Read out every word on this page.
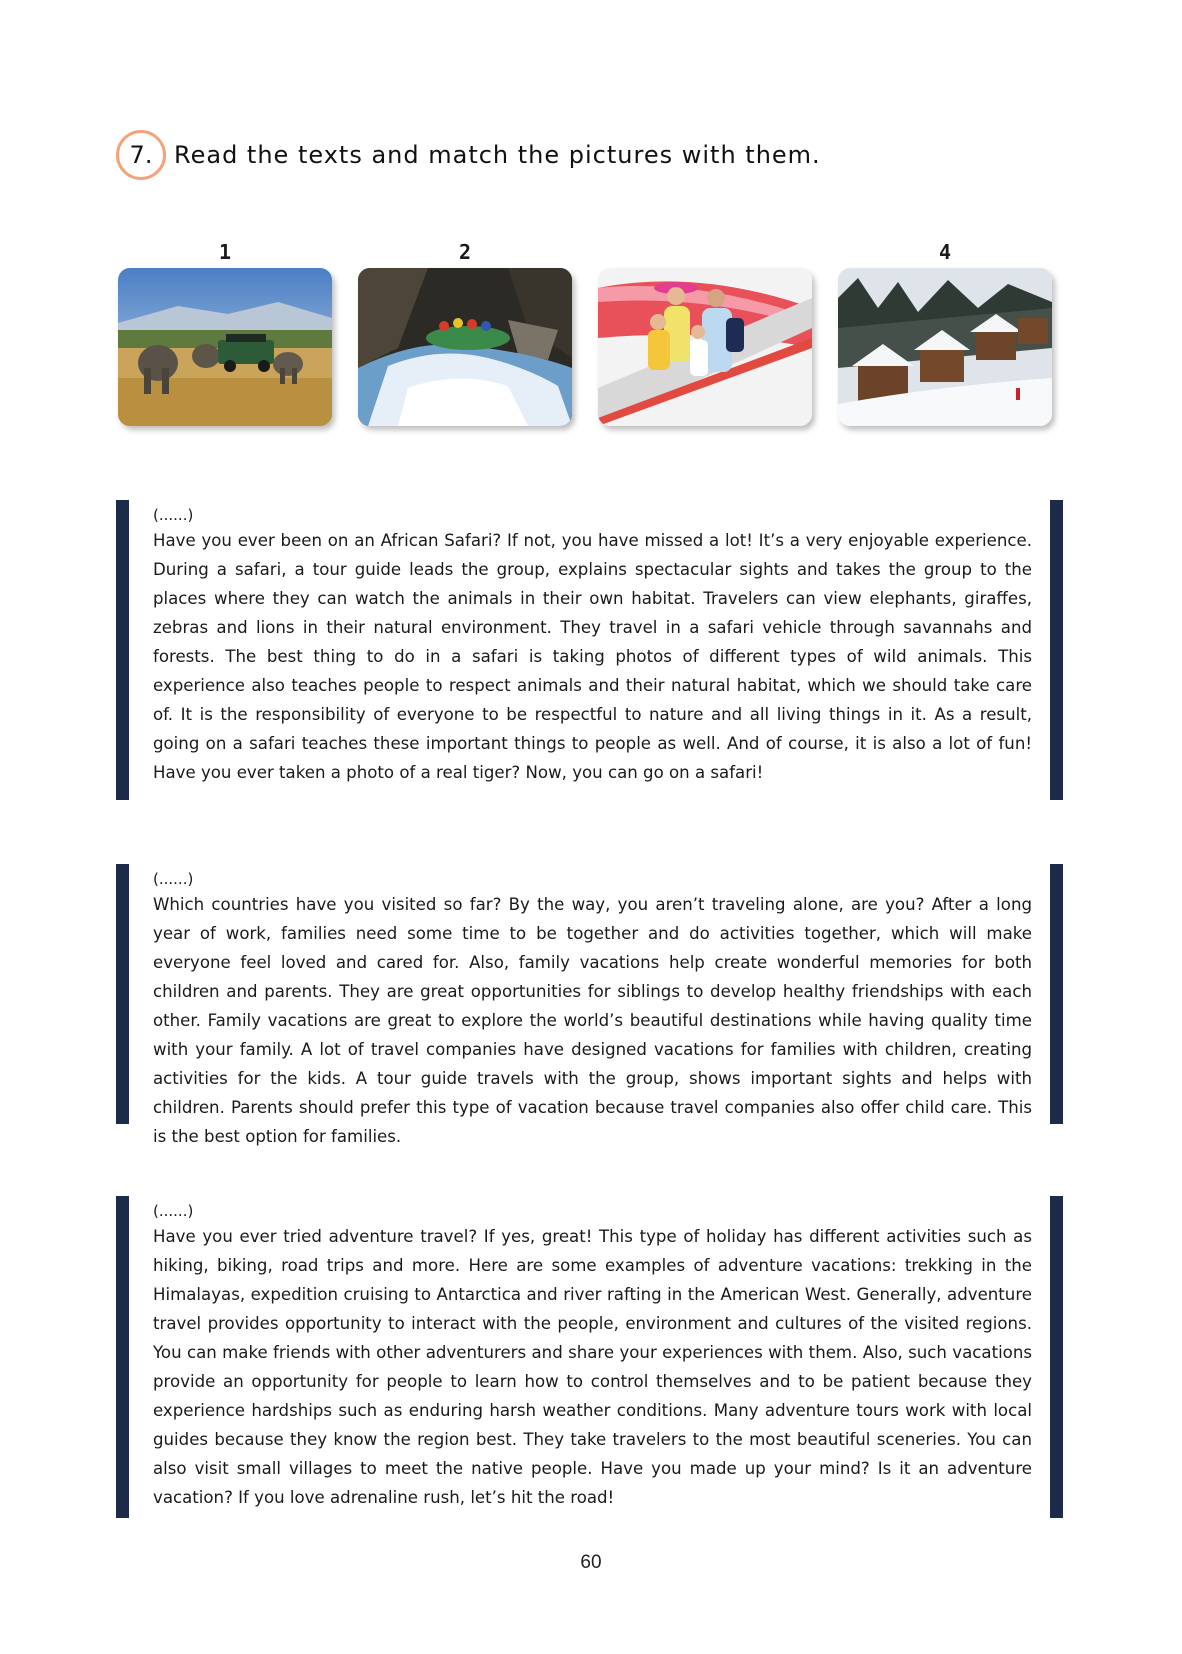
7. Read the texts and match the pictures with them.
1	2	4
(......)
Have you ever been on an African Safari? If not, you have missed a lot! It’s a very enjoyable experience. During a safari, a tour guide leads the group, explains spectacular sights and takes the group to the places where they can watch the animals in their own habitat. Travelers can view elephants, giraffes, zebras and lions in their natural environment. They travel in a safari vehicle through savannahs and forests. The best thing to do in a safari is taking photos of different types of wild animals. This experience also teaches people to respect animals and their natural habitat, which we should take care of. It is the responsibility of everyone to be respectful to nature and all living things in it. As a result, going on a safari teaches these important things to people as well. And of course, it is also a lot of fun! Have you ever taken a photo of a real tiger? Now, you can go on a safari!
(......)
Which countries have you visited so far? By the way, you aren’t traveling alone, are you? After a long year of work, families need some time to be together and do activities together, which will make everyone feel loved and cared for. Also, family vacations help create wonderful memories for both children and parents. They are great opportunities for siblings to develop healthy friendships with each other. Family vacations are great to explore the world’s beautiful destinations while having quality time with your family. A lot of travel companies have designed vacations for families with children, creating activities for the kids. A tour guide travels with the group, shows important sights and helps with children. Parents should prefer this type of vacation because travel companies also offer child care. This is the best option for families.
(......)
Have you ever tried adventure travel? If yes, great! This type of holiday has different activities such as hiking, biking, road trips and more. Here are some examples of adventure vacations: trekking in the Himalayas, expedition cruising to Antarctica and river rafting in the American West. Generally, adventure travel provides opportunity to interact with the people, environment and cultures of the visited regions. You can make friends with other adventurers and share your experiences with them. Also, such vacations provide an opportunity for people to learn how to control themselves and to be patient because they experience hardships such as enduring harsh weather conditions. Many adventure tours work with local guides because they know the region best. They take travelers to the most beautiful sceneries. You can also visit small villages to meet the native people. Have you made up your mind? Is it an adventure vacation? If you love adrenaline rush, let’s hit the road!
60
